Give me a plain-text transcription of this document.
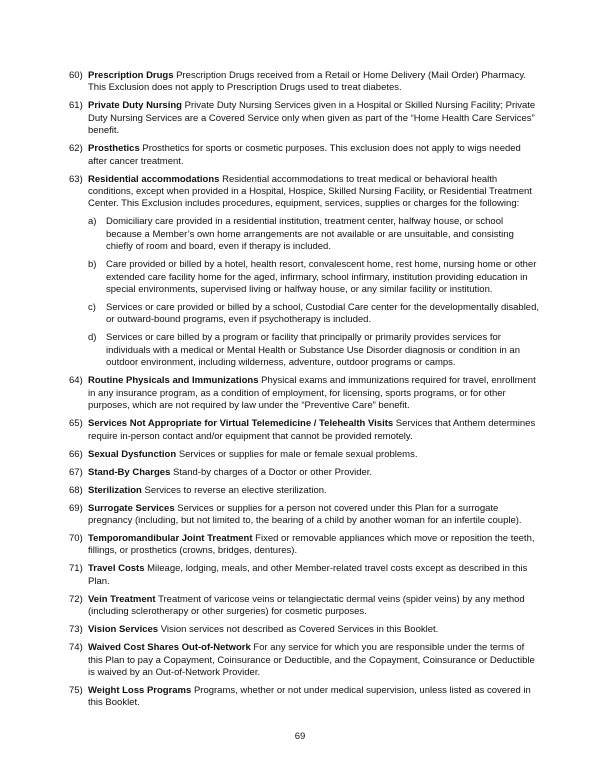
60) Prescription Drugs Prescription Drugs received from a Retail or Home Delivery (Mail Order) Pharmacy. This Exclusion does not apply to Prescription Drugs used to treat diabetes.
61) Private Duty Nursing Private Duty Nursing Services given in a Hospital or Skilled Nursing Facility; Private Duty Nursing Services are a Covered Service only when given as part of the “Home Health Care Services” benefit.
62) Prosthetics Prosthetics for sports or cosmetic purposes. This exclusion does not apply to wigs needed after cancer treatment.
63) Residential accommodations Residential accommodations to treat medical or behavioral health conditions, except when provided in a Hospital, Hospice, Skilled Nursing Facility, or Residential Treatment Center. This Exclusion includes procedures, equipment, services, supplies or charges for the following:
a)	Domiciliary care provided in a residential institution, treatment center, halfway house, or school because a Member’s own home arrangements are not available or are unsuitable, and consisting chiefly of room and board, even if therapy is included.
b)	Care provided or billed by a hotel, health resort, convalescent home, rest home, nursing home or other extended care facility home for the aged, infirmary, school infirmary, institution providing education in special environments, supervised living or halfway house, or any similar facility or institution.
c)	Services or care provided or billed by a school, Custodial Care center for the developmentally disabled, or outward-bound programs, even if psychotherapy is included.
d)	Services or care billed by a program or facility that principally or primarily provides services for individuals with a medical or Mental Health or Substance Use Disorder diagnosis or condition in an outdoor environment, including wilderness, adventure, outdoor programs or camps.
64) Routine Physicals and Immunizations Physical exams and immunizations required for travel, enrollment in any insurance program, as a condition of employment, for licensing, sports programs, or for other purposes, which are not required by law under the “Preventive Care” benefit.
65) Services Not Appropriate for Virtual Telemedicine / Telehealth Visits Services that Anthem determines require in-person contact and/or equipment that cannot be provided remotely.
66) Sexual Dysfunction Services or supplies for male or female sexual problems.
67) Stand-By Charges Stand-by charges of a Doctor or other Provider.
68) Sterilization Services to reverse an elective sterilization.
69) Surrogate Services Services or supplies for a person not covered under this Plan for a surrogate pregnancy (including, but not limited to, the bearing of a child by another woman for an infertile couple).
70) Temporomandibular Joint Treatment Fixed or removable appliances which move or reposition the teeth, fillings, or prosthetics (crowns, bridges, dentures).
71) Travel Costs Mileage, lodging, meals, and other Member-related travel costs except as described in this Plan.
72) Vein Treatment Treatment of varicose veins or telangiectatic dermal veins (spider veins) by any method (including sclerotherapy or other surgeries) for cosmetic purposes.
73) Vision Services Vision services not described as Covered Services in this Booklet.
74) Waived Cost Shares Out-of-Network For any service for which you are responsible under the terms of this Plan to pay a Copayment, Coinsurance or Deductible, and the Copayment, Coinsurance or Deductible is waived by an Out-of-Network Provider.
75) Weight Loss Programs Programs, whether or not under medical supervision, unless listed as covered in this Booklet.
69
